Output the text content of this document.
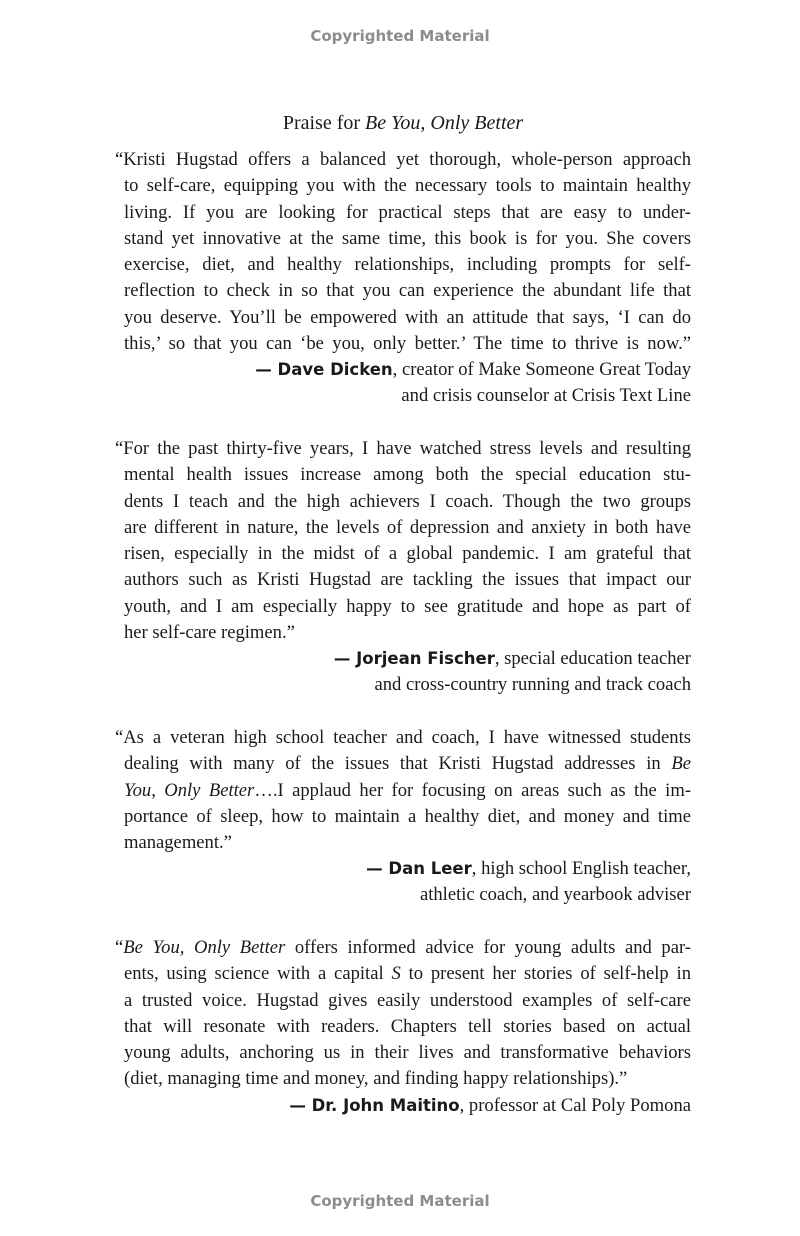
Copyrighted Material
Praise for Be You, Only Better
“Kristi Hugstad offers a balanced yet thorough, whole-person approach
to self-care, equipping you with the necessary tools to maintain healthy
living. If you are looking for practical steps that are easy to under-
stand yet innovative at the same time, this book is for you. She covers
exercise, diet, and healthy relationships, including prompts for self-
reflection to check in so that you can experience the abundant life that
you deserve. You’ll be empowered with an attitude that says, ‘I can do
this,’ so that you can ‘be you, only better.’ The time to thrive is now.”
— Dave Dicken, creator of Make Someone Great Today
and crisis counselor at Crisis Text Line
“For the past thirty-five years, I have watched stress levels and resulting
mental health issues increase among both the special education stu-
dents I teach and the high achievers I coach. Though the two groups
are different in nature, the levels of depression and anxiety in both have
risen, especially in the midst of a global pandemic. I am grateful that
authors such as Kristi Hugstad are tackling the issues that impact our
youth, and I am especially happy to see gratitude and hope as part of
her self-care regimen.”
— Jorjean Fischer, special education teacher
and cross-country running and track coach
“As a veteran high school teacher and coach, I have witnessed students
dealing with many of the issues that Kristi Hugstad addresses in Be
You, Only Better….I applaud her for focusing on areas such as the im-
portance of sleep, how to maintain a healthy diet, and money and time
management.”
— Dan Leer, high school English teacher,
athletic coach, and yearbook adviser
“Be You, Only Better offers informed advice for young adults and par-
ents, using science with a capital S to present her stories of self-help in
a trusted voice. Hugstad gives easily understood examples of self-care
that will resonate with readers. Chapters tell stories based on actual
young adults, anchoring us in their lives and transformative behaviors
(diet, managing time and money, and finding happy relationships).”
— Dr. John Maitino, professor at Cal Poly Pomona
Copyrighted Material
